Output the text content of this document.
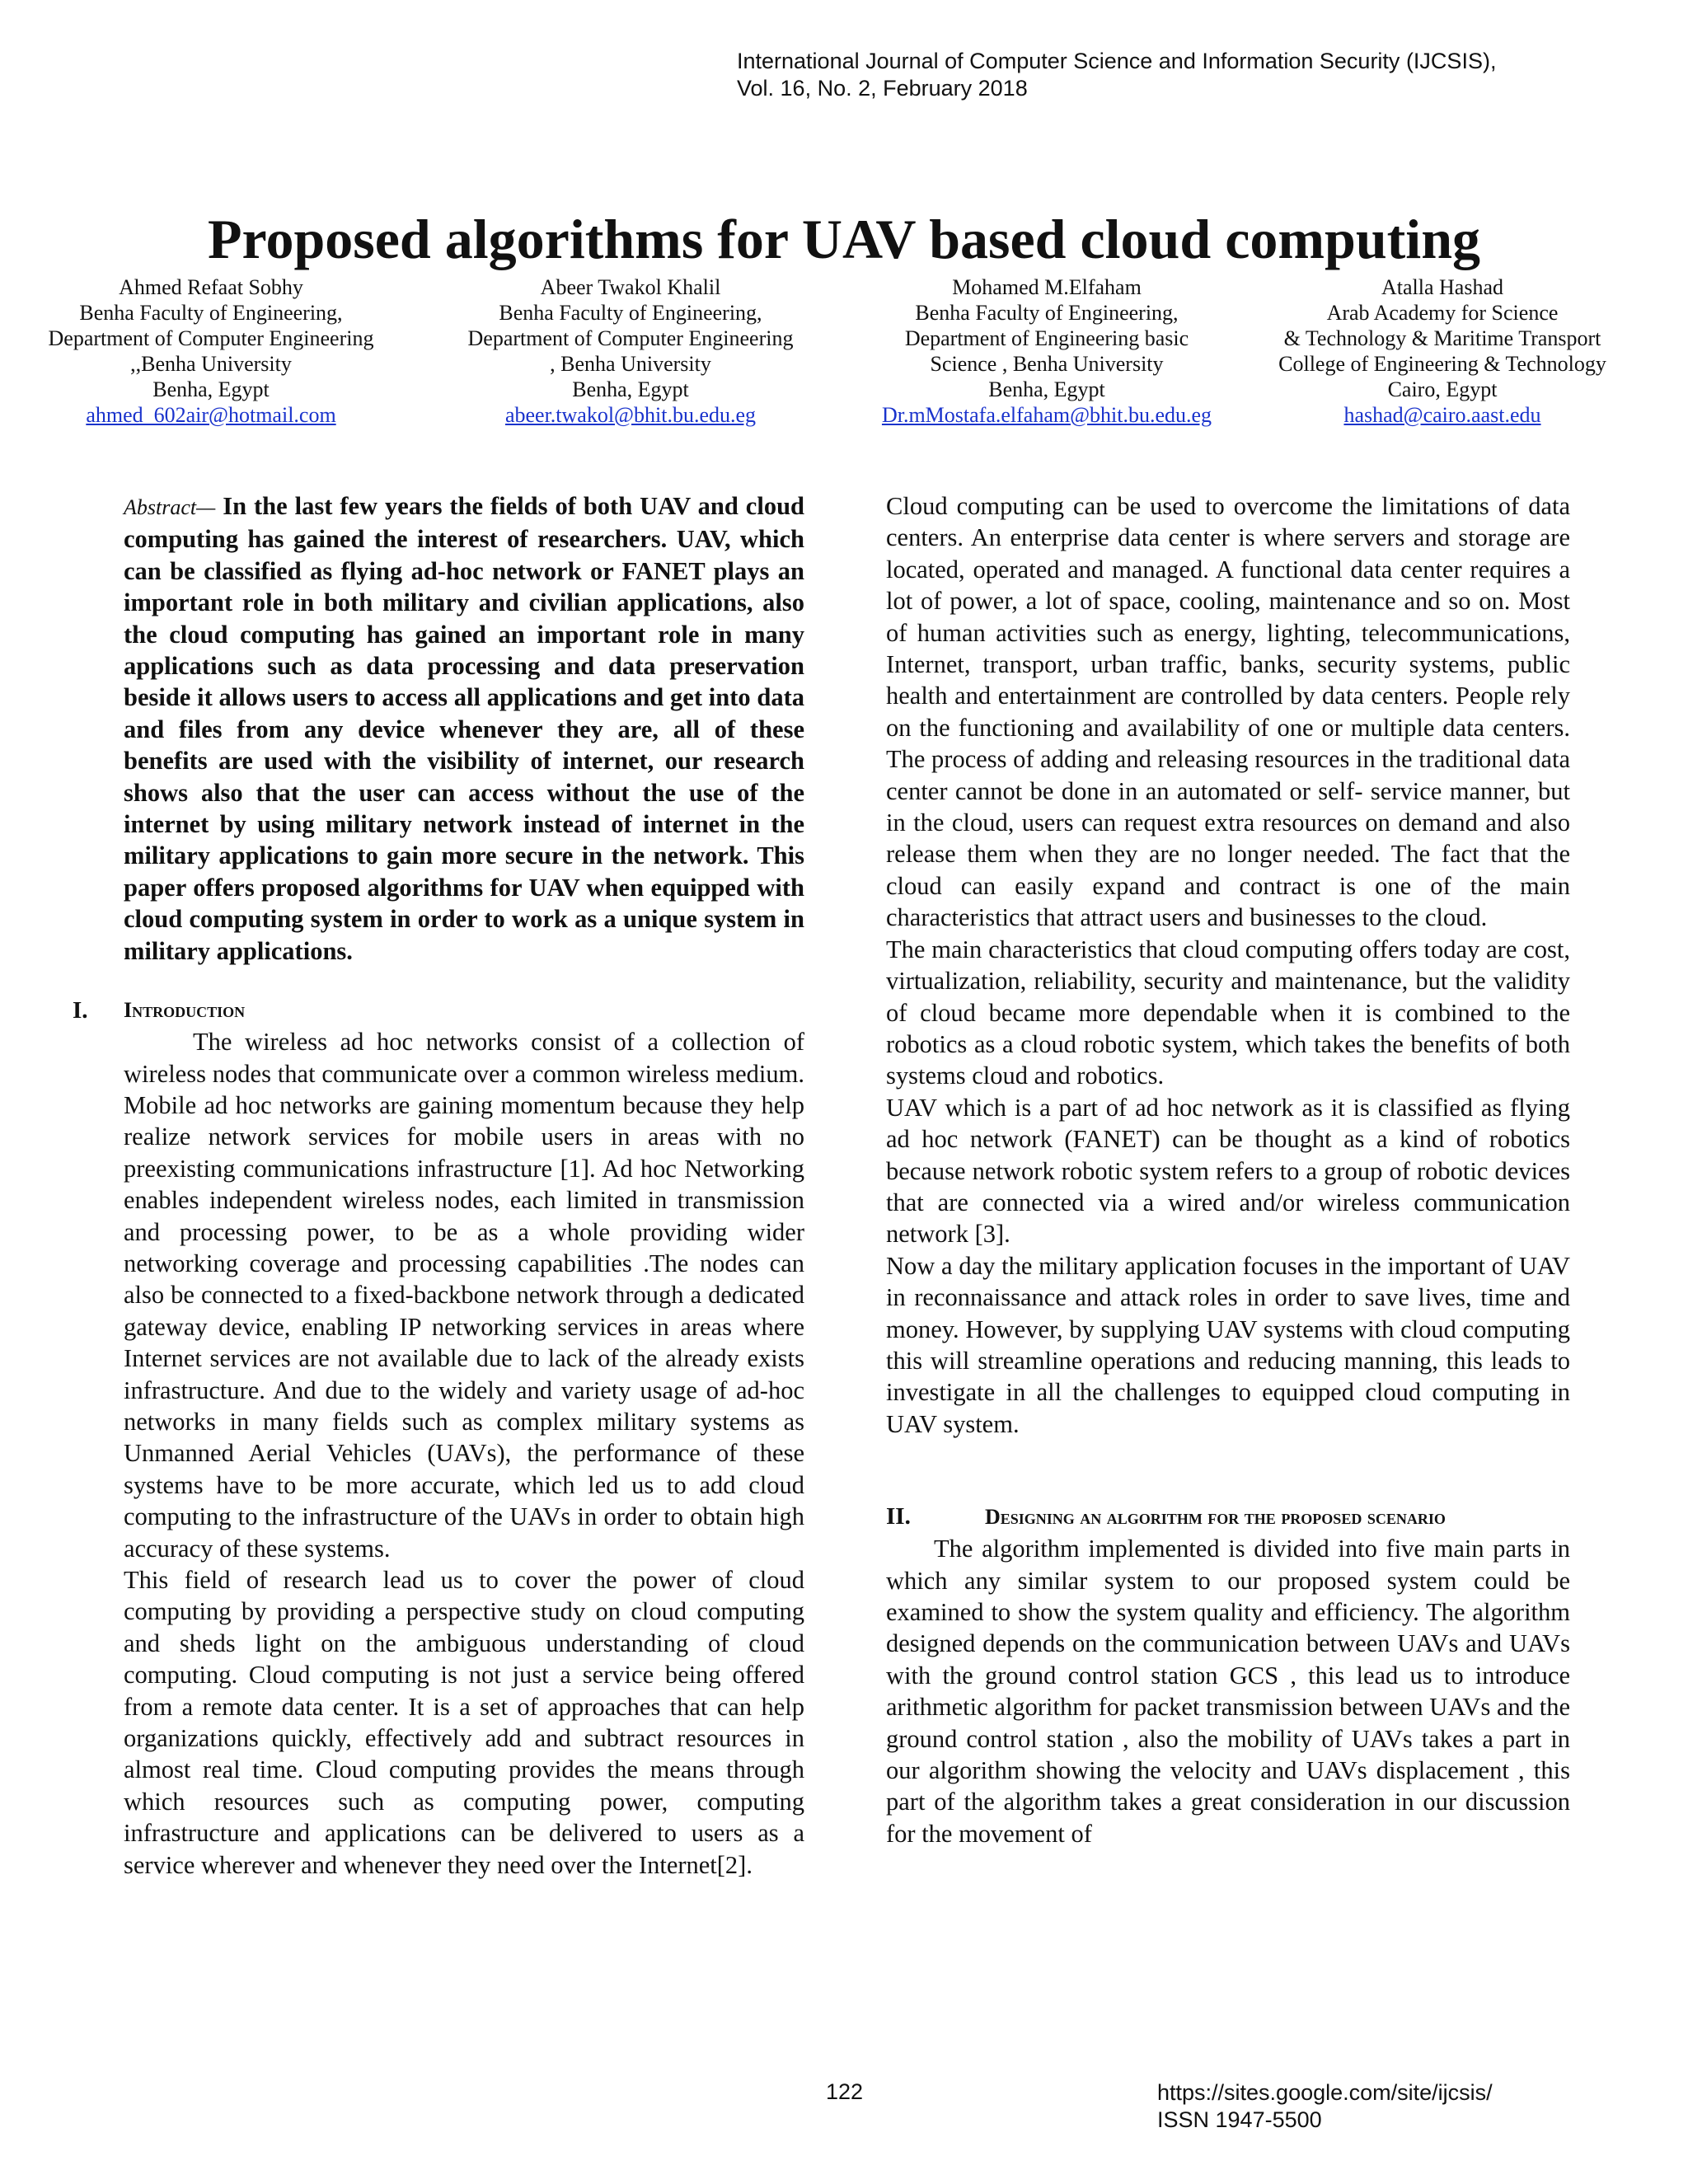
International Journal of Computer Science and Information Security (IJCSIS),
Vol. 16, No. 2, February 2018
Proposed algorithms for UAV based cloud computing
Ahmed Refaat Sobhy
Benha Faculty of Engineering,
Department of Computer Engineering
,,Benha University
Benha, Egypt
ahmed_602air@hotmail.com
Abeer Twakol Khalil
Benha Faculty of Engineering,
Department of Computer Engineering
, Benha University
Benha, Egypt
abeer.twakol@bhit.bu.edu.eg
Mohamed M.Elfaham
Benha Faculty of Engineering,
Department of Engineering basic
Science , Benha University
Benha, Egypt
Dr.mMostafa.elfaham@bhit.bu.edu.eg
Atalla Hashad
Arab Academy for Science
& Technology & Maritime Transport
College of Engineering & Technology
Cairo, Egypt
hashad@cairo.aast.edu

Abstract— In the last few years the fields of both UAV and cloud computing has gained the interest of researchers. UAV, which can be classified as flying ad-hoc network or FANET plays an important role in both military and civilian applications, also the cloud computing has gained an important role in many applications such as data processing and data preservation beside it allows users to access all applications and get into data and files from any device whenever they are, all of these benefits are used with the visibility of internet, our research shows also that the user can access without the use of the internet by using military network instead of internet in the military applications to gain more secure in the network. This paper offers proposed algorithms for UAV when equipped with cloud computing system in order to work as a unique system in military applications.

I. Introduction

The wireless ad hoc networks consist of a collection of wireless nodes that communicate over a common wireless medium. Mobile ad hoc networks are gaining momentum because they help realize network services for mobile users in areas with no preexisting communications infrastructure [1]. Ad hoc Networking enables independent wireless nodes, each limited in transmission and processing power, to be as a whole providing wider networking coverage and processing capabilities .The nodes can also be connected to a fixed-backbone network through a dedicated gateway device, enabling IP networking services in areas where Internet services are not available due to lack of the already exists infrastructure. And due to the widely and variety usage of ad-hoc networks in many fields such as complex military systems as Unmanned Aerial Vehicles (UAVs), the performance of these systems have to be more accurate, which led us to add cloud computing to the infrastructure of the UAVs in order to obtain high accuracy of these systems.

This field of research lead us to cover the power of cloud computing by providing a perspective study on cloud computing and sheds light on the ambiguous understanding of cloud computing. Cloud computing is not just a service being offered from a remote data center. It is a set of approaches that can help organizations quickly, effectively add and subtract resources in almost real time. Cloud computing provides the means through which resources such as computing power, computing infrastructure and applications can be delivered to users as a service wherever and whenever they need over the Internet[2].

Cloud computing can be used to overcome the limitations of data centers. An enterprise data center is where servers and storage are located, operated and managed. A functional data center requires a lot of power, a lot of space, cooling, maintenance and so on. Most of human activities such as energy, lighting, telecommunications, Internet, transport, urban traffic, banks, security systems, public health and entertainment are controlled by data centers. People rely on the functioning and availability of one or multiple data centers. The process of adding and releasing resources in the traditional data center cannot be done in an automated or self- service manner, but in the cloud, users can request extra resources on demand and also release them when they are no longer needed. The fact that the cloud can easily expand and contract is one of the main characteristics that attract users and businesses to the cloud.

The main characteristics that cloud computing offers today are cost, virtualization, reliability, security and maintenance, but the validity of cloud became more dependable when it is combined to the robotics as a cloud robotic system, which takes the benefits of both systems cloud and robotics.

UAV which is a part of ad hoc network as it is classified as flying ad hoc network (FANET) can be thought as a kind of robotics because network robotic system refers to a group of robotic devices that are connected via a wired and/or wireless communication network [3].

Now a day the military application focuses in the important of UAV in reconnaissance and attack roles in order to save lives, time and money. However, by supplying UAV systems with cloud computing this will streamline operations and reducing manning, this leads to investigate in all the challenges to equipped cloud computing in UAV system.

II.	Designing an algorithm for the proposed scenario

The algorithm implemented is divided into five main parts in which any similar system to our proposed system could be examined to show the system quality and efficiency. The algorithm designed depends on the communication between UAVs and UAVs with the ground control station GCS , this lead us to introduce arithmetic algorithm for packet transmission between UAVs and the ground control station , also the mobility of UAVs takes a part in our algorithm showing the velocity and UAVs displacement , this part of the algorithm takes a great consideration in our discussion for the movement of

122	https://sites.google.com/site/ijcsis/
ISSN 1947-5500
